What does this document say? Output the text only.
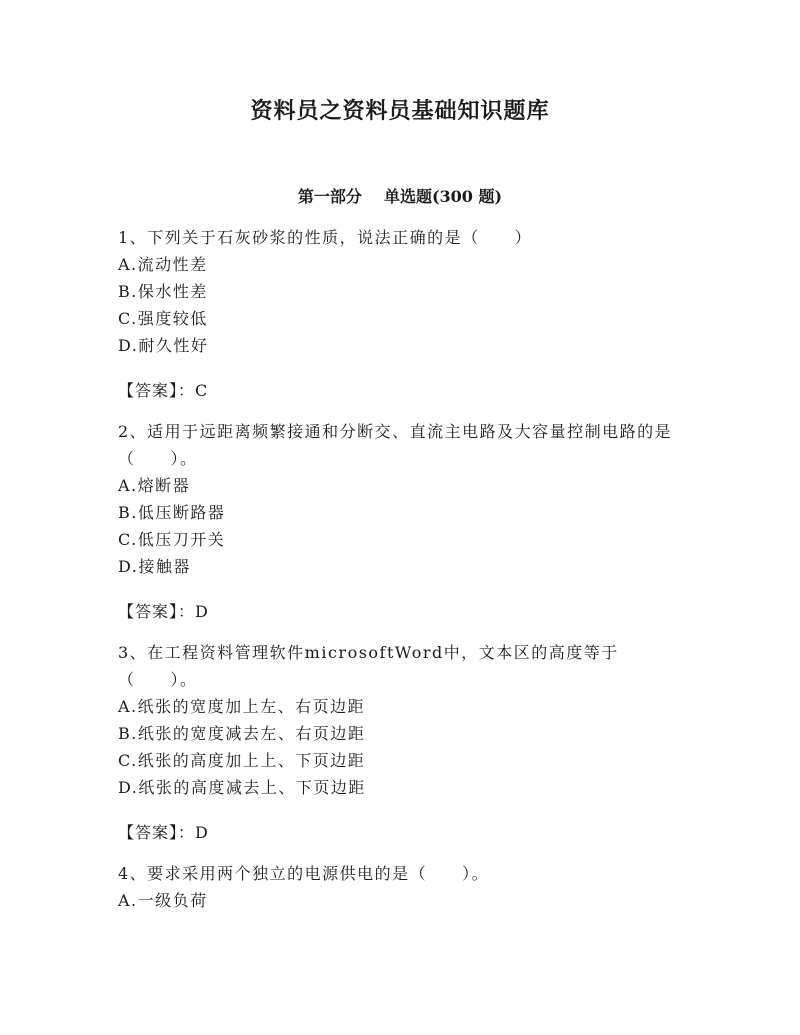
资料员之资料员基础知识题库
第一部分 单选题(300 题)

1、下列关于石灰砂浆的性质，说法正确的是（　　）

A.流动性差

B.保水性差

C.强度较低

D.耐久性好

【答案】：C

2、适用于远距离频繁接通和分断交、直流主电路及大容量控制电路的是（　　）。

A.熔断器

B.低压断路器

C.低压刀开关

D.接触器

【答案】：D

3、在工程资料管理软件microsoftWord中，文本区的高度等于（　　）。

A.纸张的宽度加上左、右页边距

B.纸张的宽度减去左、右页边距

C.纸张的高度加上上、下页边距

D.纸张的高度减去上、下页边距

【答案】：D

4、要求采用两个独立的电源供电的是（　　）。

A.一级负荷
